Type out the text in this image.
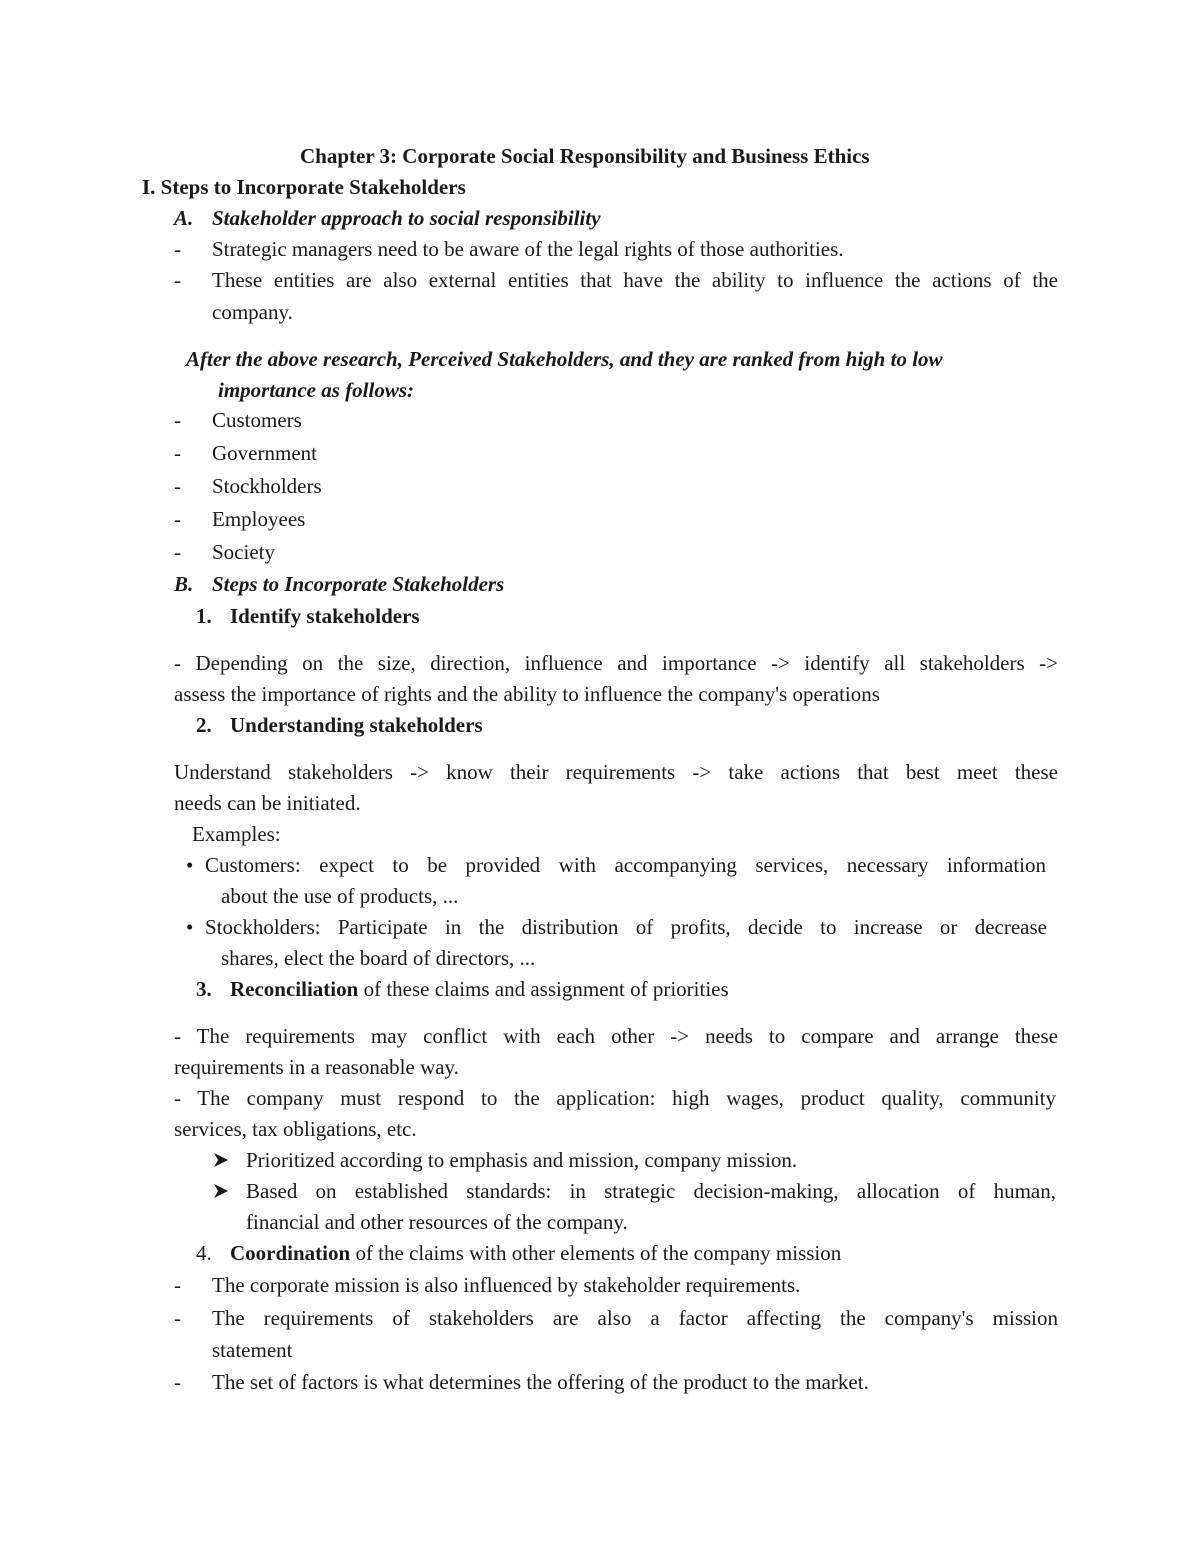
Chapter 3: Corporate Social Responsibility and Business Ethics
I. Steps to Incorporate Stakeholders
A. Stakeholder approach to social responsibility
- Strategic managers need to be aware of the legal rights of those authorities.
- These entities are also external entities that have the ability to influence the actions of the
company.
After the above research, Perceived Stakeholders, and they are ranked from high to low
importance as follows:
- Customers
- Government
- Stockholders
- Employees
- Society
B. Steps to Incorporate Stakeholders
1. Identify stakeholders
- Depending on the size, direction, influence and importance -> identify all stakeholders ->
assess the importance of rights and the ability to influence the company's operations
2. Understanding stakeholders
Understand stakeholders -> know their requirements -> take actions that best meet these
needs can be initiated.
Examples:
• Customers: expect to be provided with accompanying services, necessary information
about the use of products, ...
• Stockholders: Participate in the distribution of profits, decide to increase or decrease
shares, elect the board of directors, ...
3. Reconciliation of these claims and assignment of priorities
- The requirements may conflict with each other -> needs to compare and arrange these
requirements in a reasonable way.
- The company must respond to the application: high wages, product quality, community
services, tax obligations, etc.
Prioritized according to emphasis and mission, company mission.
Based on established standards: in strategic decision-making, allocation of human,
financial and other resources of the company.
4. Coordination of the claims with other elements of the company mission
- The corporate mission is also influenced by stakeholder requirements.
- The requirements of stakeholders are also a factor affecting the company's mission
statement
- The set of factors is what determines the offering of the product to the market.
